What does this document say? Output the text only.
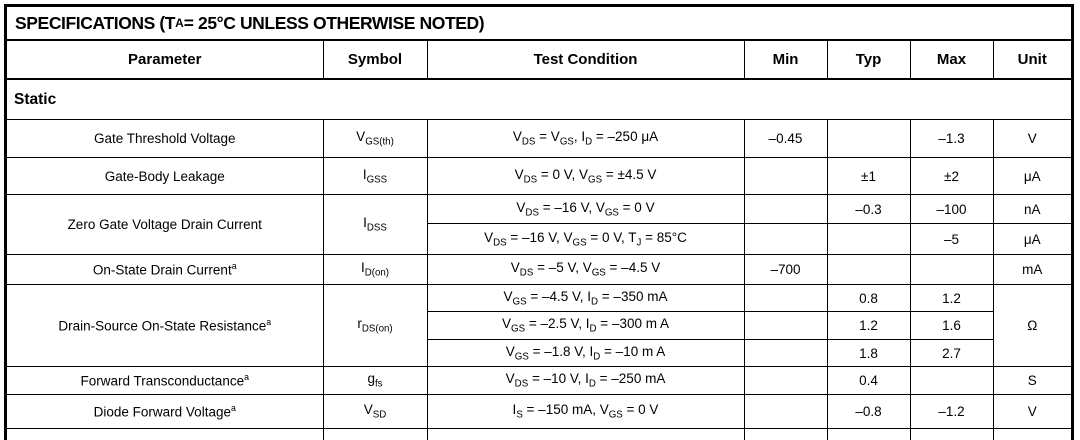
SPECIFICATIONS (T A = 25°C UNLESS OTHERWISE NOTED)
Parameter	Symbol	Test Condition	Min	Typ	Max	Unit
Static						
Gate Threshold Voltage	$V_{GS(th)}$	$V_{DS} = V_{GS}$, $I_D = -250$ μA	–0.45		–1.3	V
Gate-Body Leakage	$I_{GSS}$	$V_{DS} = 0$ V, $V_{GS} = \pm 4.5$ V		±1	±2	μA
Zero Gate Voltage Drain Current	$I_{DSS}$	$V_{DS} = -16$ V, $V_{GS} = 0$ V		–0.3	–100	nA
		$V_{DS} = -16$ V, $V_{GS} = 0$ V, $T_J = 85^\circ C$			–5	μA
On-State Drain Current$^a$	$I_{D(on)}$	$V_{DS} = -5$ V, $V_{GS} = -4.5$ V	–700			mA
Drain-Source On-State Resistance$^a$	$r_{DS(on)}$	$V_{GS} = -4.5$ V, $I_D = -350$ mA		0.8	1.2	Ω
		$V_{GS} = -2.5$ V, $I_D = -300$ m A		1.2	1.6	
		$V_{GS} = -1.8$ V, $I_D = -10$ m A		1.8	2.7	
Forward Transconductance$^a$	$g_{fs}$	$V_{DS} = -10$ V, $I_D = -250$ mA		0.4		S
Diode Forward Voltage$^a$	$V_{SD}$	$I_S = -150$ mA, $V_{GS} = 0$ V		–0.8	–1.2	V
